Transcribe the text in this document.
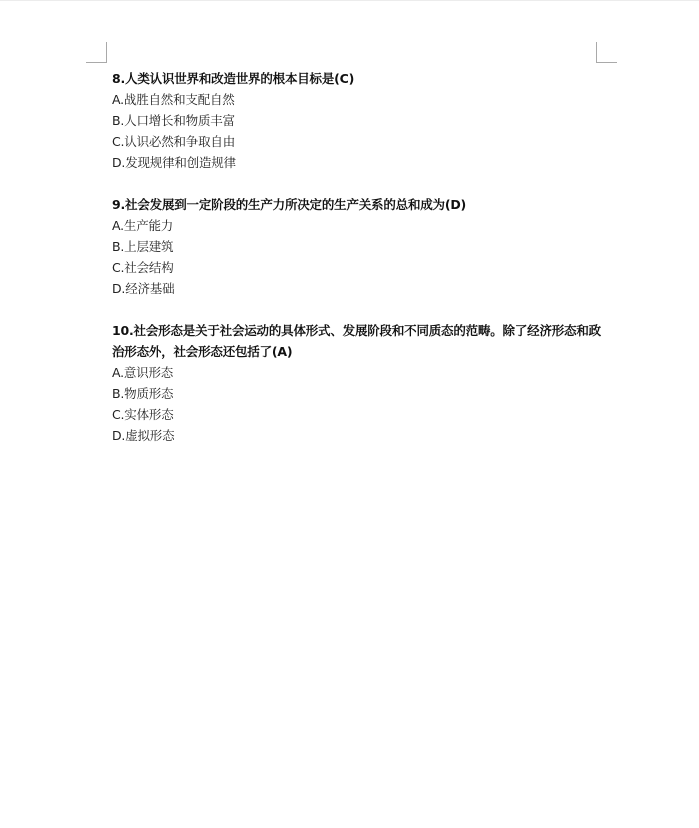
8.人类认识世界和改造世界的根本目标是(C)
A.战胜自然和支配自然
B.人口增长和物质丰富
C.认识必然和争取自由
D.发现规律和创造规律
9.社会发展到一定阶段的生产力所决定的生产关系的总和成为(D)
A.生产能力
B.上层建筑
C.社会结构
D.经济基础
10.社会形态是关于社会运动的具体形式、发展阶段和不同质态的范畴。除了经济形态和政
治形态外，社会形态还包括了(A)
A.意识形态
B.物质形态
C.实体形态
D.虚拟形态
